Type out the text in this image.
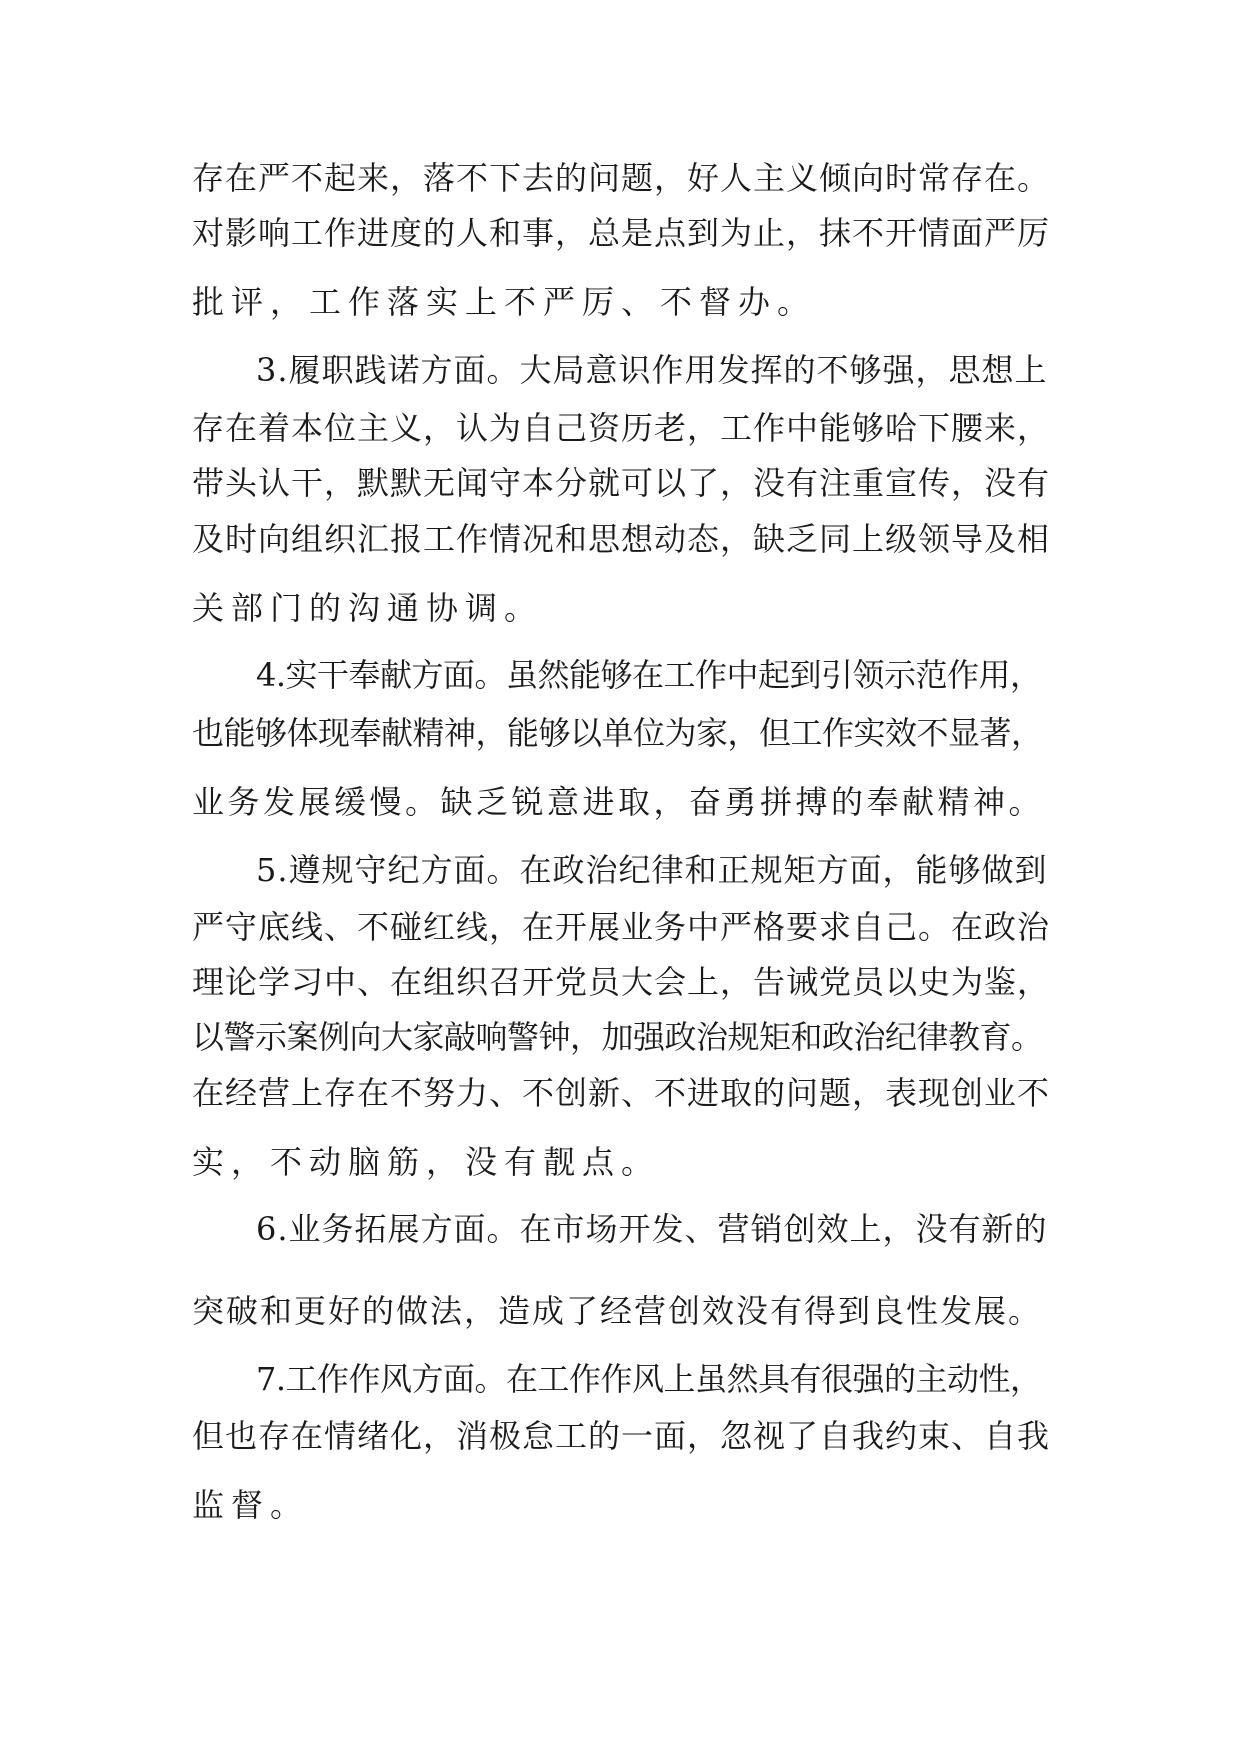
存在严不起来，落不下去的问题，好人主义倾向时常存在。
对影响工作进度的人和事，总是点到为止，抹不开情面严厉
批评，工作落实上不严厉、不督办。
3.履职践诺方面。大局意识作用发挥的不够强，思想上
存在着本位主义，认为自己资历老，工作中能够哈下腰来，
带头认干，默默无闻守本分就可以了，没有注重宣传，没有
及时向组织汇报工作情况和思想动态，缺乏同上级领导及相
关部门的沟通协调。
4.实干奉献方面。虽然能够在工作中起到引领示范作用，
也能够体现奉献精神，能够以单位为家，但工作实效不显著，
业务发展缓慢。缺乏锐意进取，奋勇拼搏的奉献精神。
5.遵规守纪方面。在政治纪律和正规矩方面，能够做到
严守底线、不碰红线，在开展业务中严格要求自己。在政治
理论学习中、在组织召开党员大会上，告诫党员以史为鉴，
以警示案例向大家敲响警钟，加强政治规矩和政治纪律教育。
在经营上存在不努力、不创新、不进取的问题，表现创业不
实，不动脑筋，没有靓点。
6.业务拓展方面。在市场开发、营销创效上，没有新的
突破和更好的做法，造成了经营创效没有得到良性发展。
7.工作作风方面。在工作作风上虽然具有很强的主动性，
但也存在情绪化，消极怠工的一面，忽视了自我约束、自我
监督。
